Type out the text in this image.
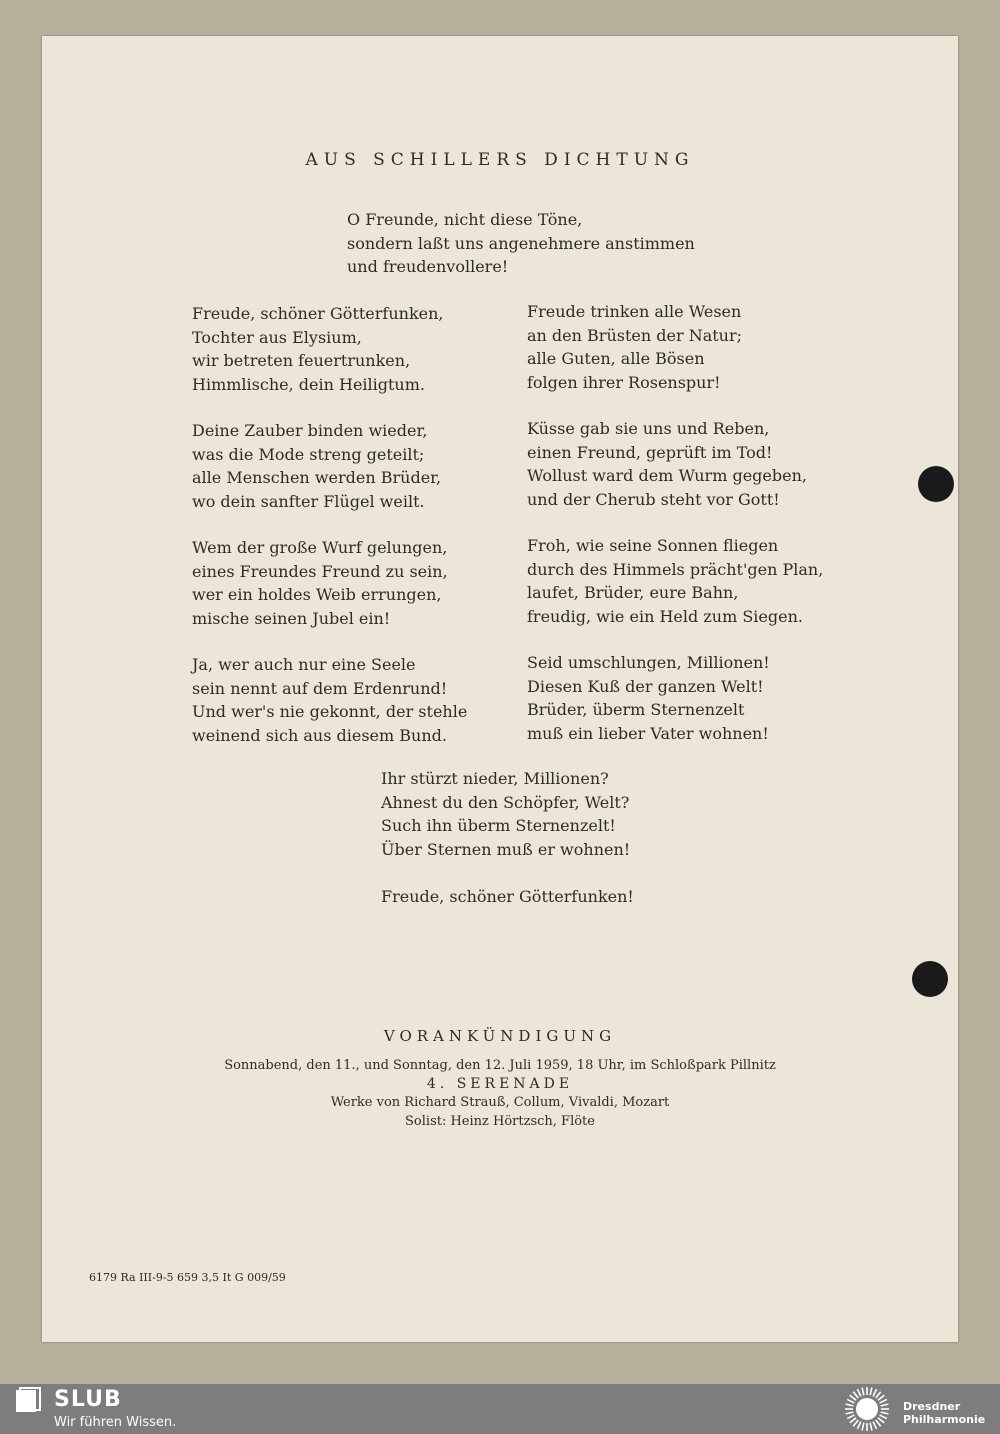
AUS SCHILLERS DICHTUNG
O Freunde, nicht diese Töne,
sondern laßt uns angenehmere anstimmen
und freudenvollere!
Freude, schöner Götterfunken,
Tochter aus Elysium,
wir betreten feuertrunken,
Himmlische, dein Heiligtum.
Deine Zauber binden wieder,
was die Mode streng geteilt;
alle Menschen werden Brüder,
wo dein sanfter Flügel weilt.
Wem der große Wurf gelungen,
eines Freundes Freund zu sein,
wer ein holdes Weib errungen,
mische seinen Jubel ein!
Ja, wer auch nur eine Seele
sein nennt auf dem Erdenrund!
Und wer's nie gekonnt, der stehle
weinend sich aus diesem Bund.
Freude trinken alle Wesen
an den Brüsten der Natur;
alle Guten, alle Bösen
folgen ihrer Rosenspur!
Küsse gab sie uns und Reben,
einen Freund, geprüft im Tod!
Wollust ward dem Wurm gegeben,
und der Cherub steht vor Gott!
Froh, wie seine Sonnen fliegen
durch des Himmels prächt'gen Plan,
laufet, Brüder, eure Bahn,
freudig, wie ein Held zum Siegen.
Seid umschlungen, Millionen!
Diesen Kuß der ganzen Welt!
Brüder, überm Sternenzelt
muß ein lieber Vater wohnen!
Ihr stürzt nieder, Millionen?
Ahnest du den Schöpfer, Welt?
Such ihn überm Sternenzelt!
Über Sternen muß er wohnen!
Freude, schöner Götterfunken!
VORANKÜNDIGUNG
Sonnabend, den 11., und Sonntag, den 12. Juli 1959, 18 Uhr, im Schloßpark Pillnitz
4. SERENADE
Werke von Richard Strauß, Collum, Vivaldi, Mozart
Solist: Heinz Hörtzsch, Flöte
6179 Ra III-9-5 659 3,5 It G 009/59
SLUB
Wir führen Wissen.
Dresdner
Philharmonie
